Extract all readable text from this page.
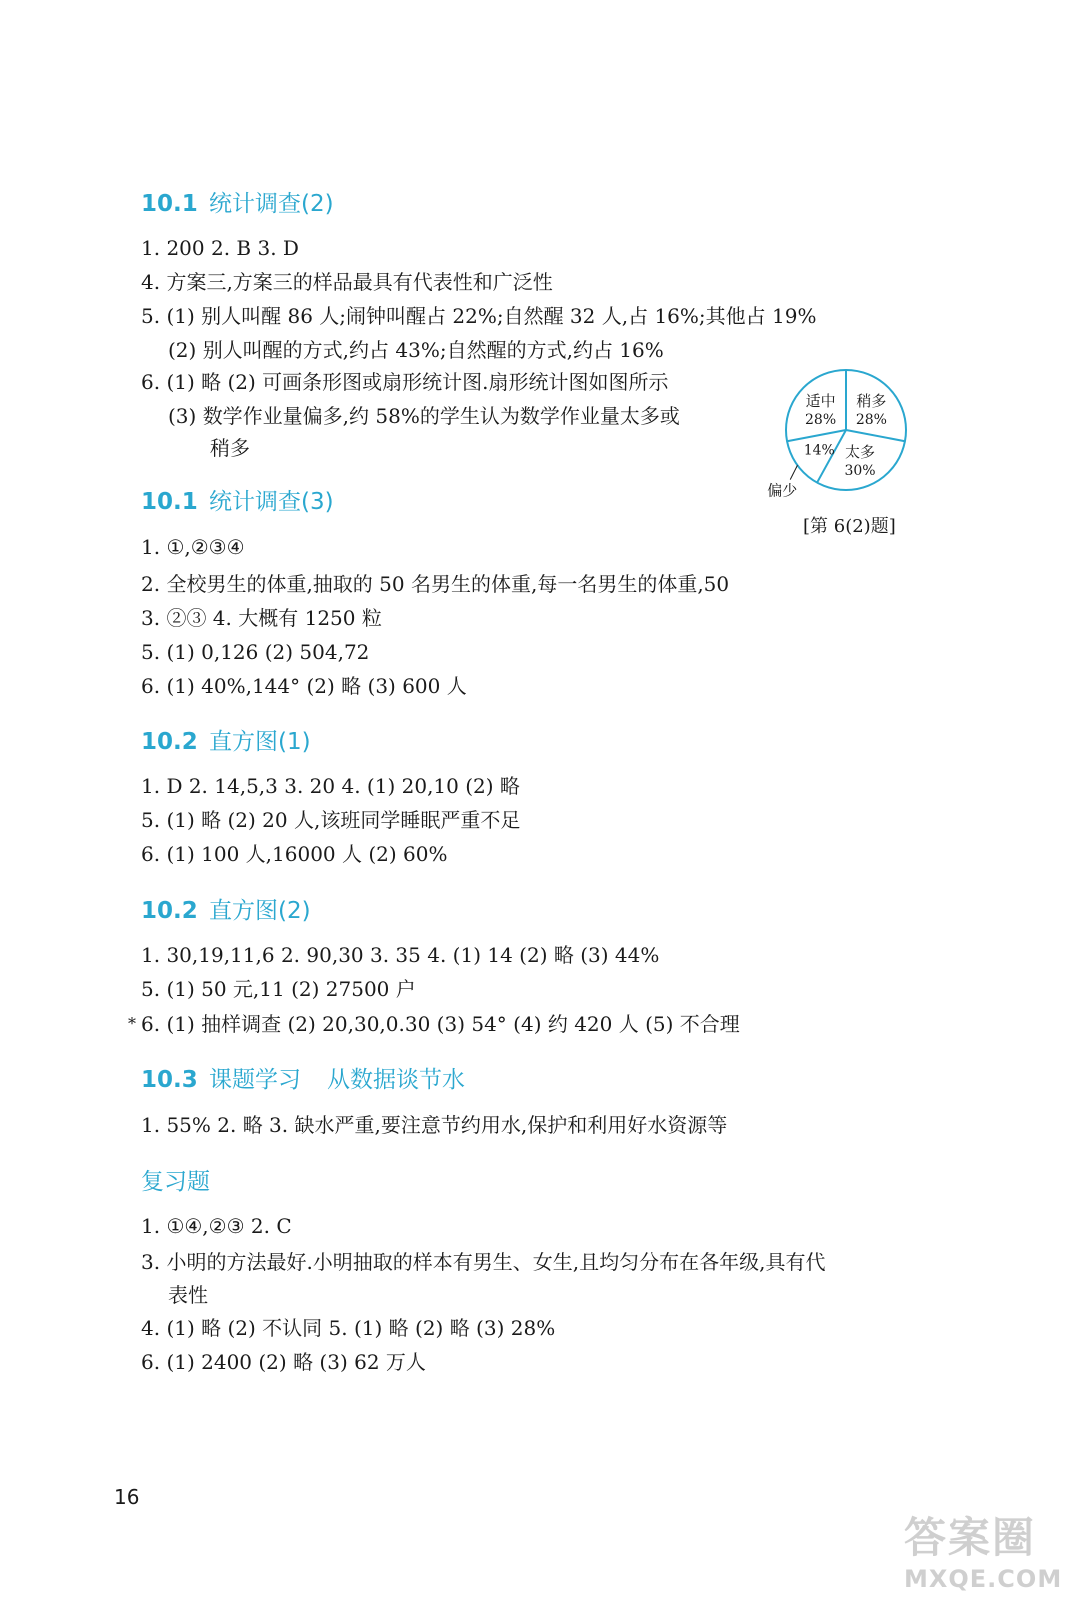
10.1 统计调查(2)
1. 200 2. B 3. D
4. 方案三,方案三的样品最具有代表性和广泛性
5. (1) 别人叫醒 86 人;闹钟叫醒占 22%;自然醒 32 人,占 16%;其他占 19%
(2) 别人叫醒的方式,约占 43%;自然醒的方式,约占 16%
6. (1) 略 (2) 可画条形图或扇形统计图.扇形统计图如图所示
(3) 数学作业量偏多,约 58%的学生认为数学作业量太多或
稍多
稍多
28%
太多
30%
14%
偏少
适中
28%
[第 6(2)题]
10.1 统计调查(3)
1. ①,②③④
2. 全校男生的体重,抽取的 50 名男生的体重,每一名男生的体重,50
3. ②③ 4. 大概有 1250 粒
5. (1) 0,126 (2) 504,72
6. (1) 40%,144° (2) 略 (3) 600 人
10.2 直方图(1)
1. D 2. 14,5,3 3. 20 4. (1) 20,10 (2) 略
5. (1) 略 (2) 20 人,该班同学睡眠严重不足
6. (1) 100 人,16000 人 (2) 60%
10.2 直方图(2)
1. 30,19,11,6 2. 90,30 3. 35 4. (1) 14 (2) 略 (3) 44%
5. (1) 50 元,11 (2) 27500 户
* 6. (1) 抽样调查 (2) 20,30,0.30 (3) 54° (4) 约 420 人 (5) 不合理
10.3 课题学习 从数据谈节水
1. 55% 2. 略 3. 缺水严重,要注意节约用水,保护和利用好水资源等
复习题
1. ①④,②③ 2. C
3. 小明的方法最好.小明抽取的样本有男生、女生,且均匀分布在各年级,具有代
表性
4. (1) 略 (2) 不认同 5. (1) 略 (2) 略 (3) 28%
6. (1) 2400 (2) 略 (3) 62 万人
16
答案圈
MXQE.COM
